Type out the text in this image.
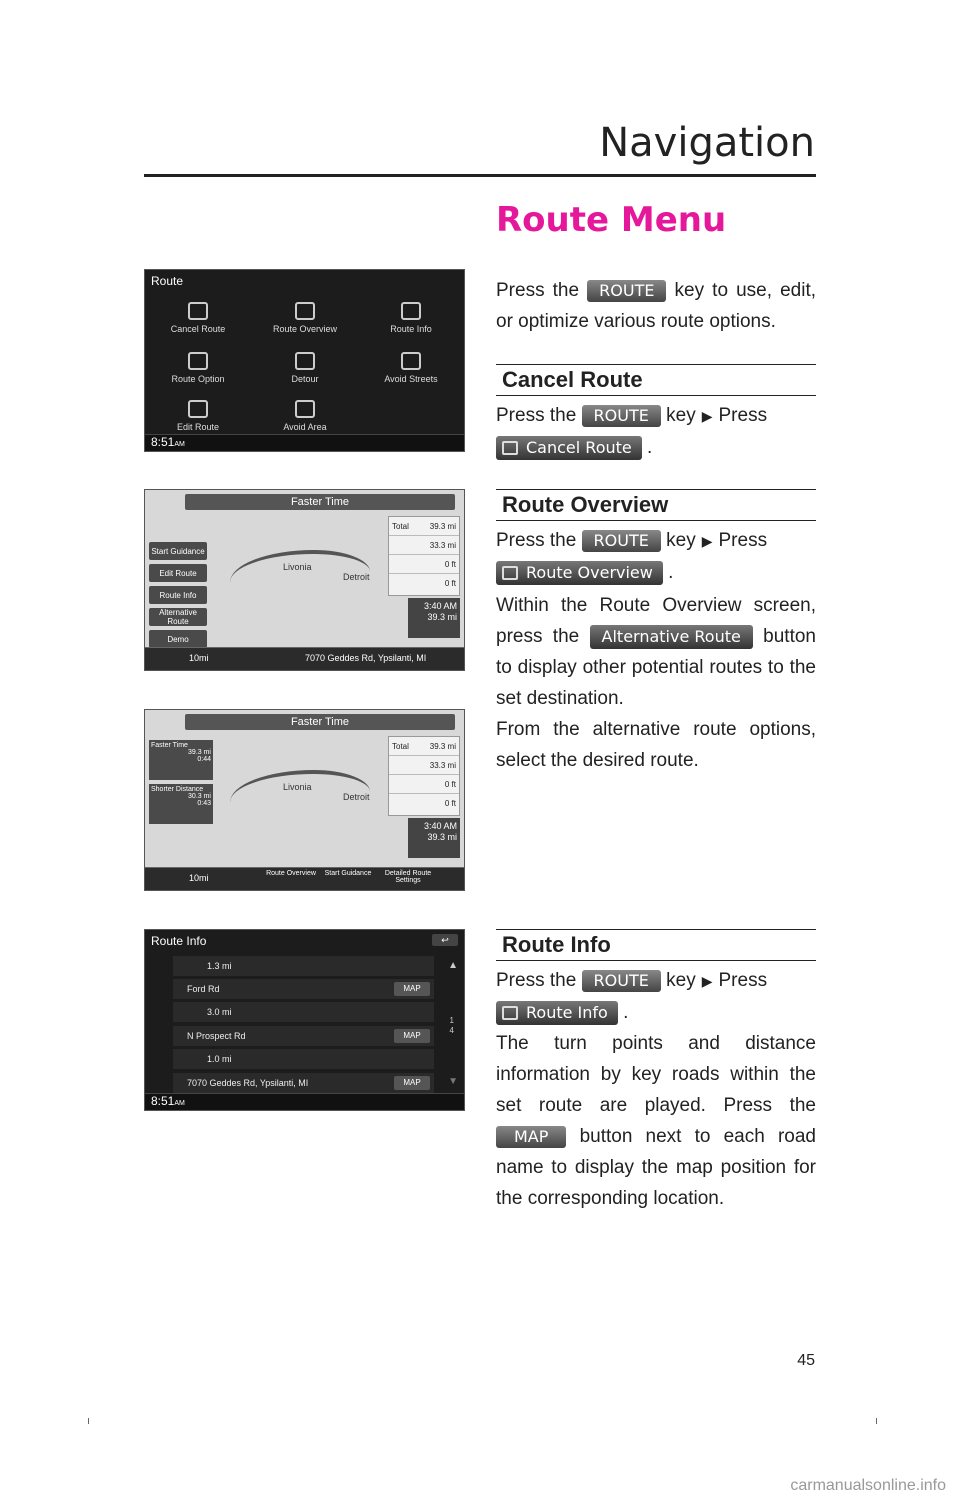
Navigation
Route Menu
Press the ROUTE key to use, edit, or optimize various route options.
Cancel Route
Press the ROUTE key ▶ Press
Cancel Route .
Route Overview
Press the ROUTE key ▶ Press
Route Overview .
Within the Route Overview screen, press the Alternative Route button to display other potential routes to the set destination.
From the alternative route options, select the desired route.
Route Info
Press the ROUTE key ▶ Press
Route Info .
The turn points and distance information by key roads within the set route are played. Press the MAP button next to each road name to display the map position for the corresponding location.
Route
Cancel Route	Route Overview	Route Info
Route Option	Detour	Avoid Streets
Edit Route	Avoid Area
8:51AM
Faster Time
Livonia
Detroit
Start Guidance
Edit Route
Route Info
Alternative Route
Demo
Total	39.3 mi
33.3 mi
0 ft
0 ft
3:40 AM
39.3 mi
10mi	7070 Geddes Rd, Ypsilanti, MI
Faster Time
Livonia
Detroit
Faster Time
39.3 mi
0:44
Shorter Distance
30.3 mi
0:43
Total	39.3 mi
33.3 mi
0 ft
0 ft
3:40 AM
39.3 mi
10mi	Route Overview	Start Guidance	Detailed Route Settings
Route Info	↩
1.3 mi
Ford Rd	MAP
3.0 mi
N Prospect Rd	MAP
1.0 mi
7070 Geddes Rd, Ypsilanti, MI	MAP
▲
1
4
▼
8:51AM
45
carmanualsonline.info
